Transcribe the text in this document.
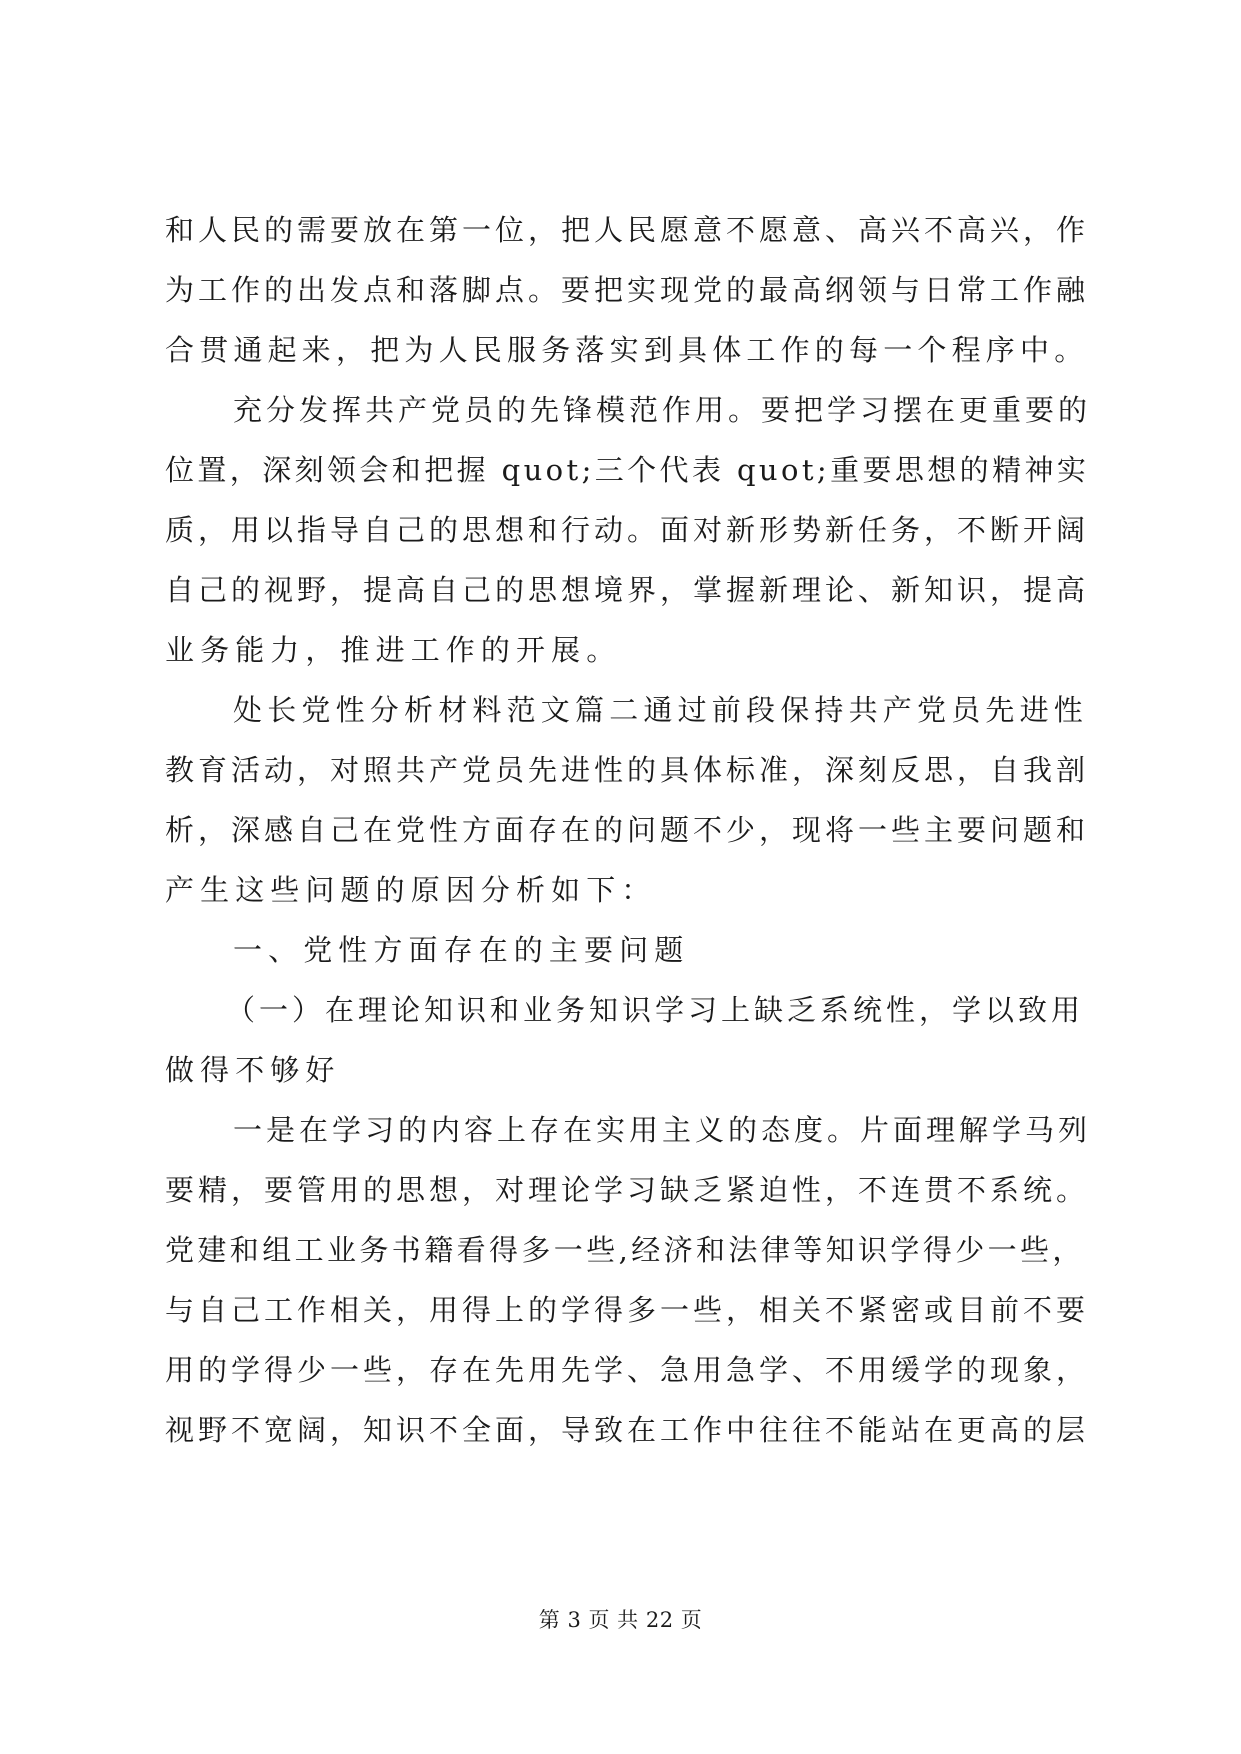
和人民的需要放在第一位，把人民愿意不愿意、高兴不高兴，作
为工作的出发点和落脚点。要把实现党的最高纲领与日常工作融
合贯通起来，把为人民服务落实到具体工作的每一个程序中。
充分发挥共产党员的先锋模范作用。要把学习摆在更重要的
位置，深刻领会和把握 quot;三个代表 quot;重要思想的精神实
质，用以指导自己的思想和行动。面对新形势新任务，不断开阔
自己的视野，提高自己的思想境界，掌握新理论、新知识，提高
业务能力，推进工作的开展。
处长党性分析材料范文篇二通过前段保持共产党员先进性
教育活动，对照共产党员先进性的具体标准，深刻反思，自我剖
析，深感自己在党性方面存在的问题不少，现将一些主要问题和
产生这些问题的原因分析如下：
一、党性方面存在的主要问题
（一）在理论知识和业务知识学习上缺乏系统性，学以致用
做得不够好
一是在学习的内容上存在实用主义的态度。片面理解学马列
要精，要管用的思想，对理论学习缺乏紧迫性，不连贯不系统。
党建和组工业务书籍看得多一些,经济和法律等知识学得少一些，
与自己工作相关，用得上的学得多一些，相关不紧密或目前不要
用的学得少一些，存在先用先学、急用急学、不用缓学的现象，
视野不宽阔，知识不全面，导致在工作中往往不能站在更高的层
第 3 页 共 22 页
